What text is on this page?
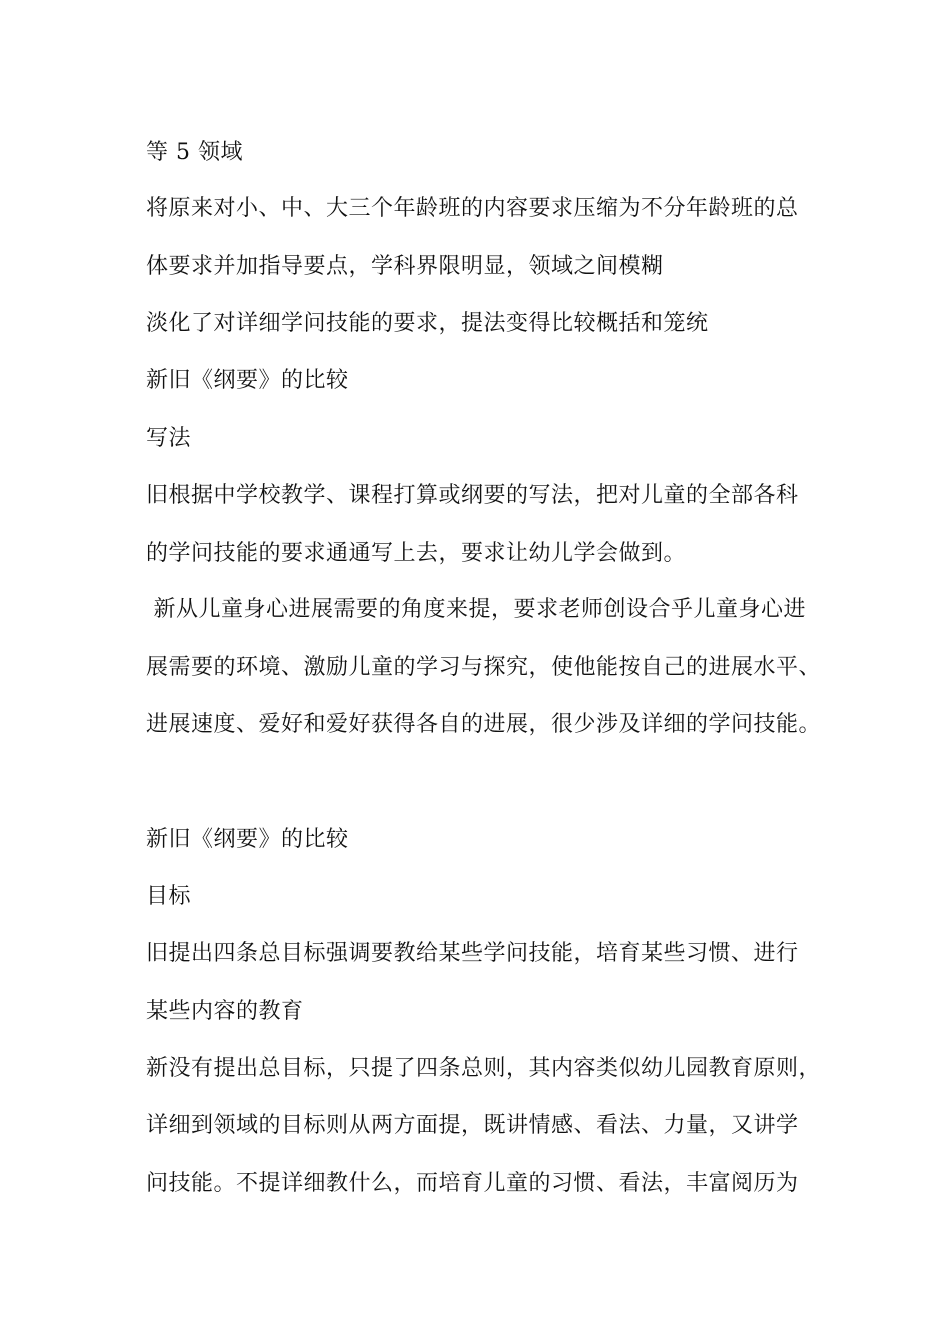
等 5 领域
将原来对小、中、大三个年龄班的内容要求压缩为不分年龄班的总
体要求并加指导要点，学科界限明显，领域之间模糊
淡化了对详细学问技能的要求，提法变得比较概括和笼统
新旧《纲要》的比较
写法
旧根据中学校教学、课程打算或纲要的写法，把对儿童的全部各科
的学问技能的要求通通写上去，要求让幼儿学会做到。
新从儿童身心进展需要的角度来提，要求老师创设合乎儿童身心进
展需要的环境、激励儿童的学习与探究，使他能按自己的进展水平、
进展速度、爱好和爱好获得各自的进展，很少涉及详细的学问技能。
新旧《纲要》的比较
目标
旧提出四条总目标强调要教给某些学问技能，培育某些习惯、进行
某些内容的教育
新没有提出总目标，只提了四条总则，其内容类似幼儿园教育原则，
详细到领域的目标则从两方面提，既讲情感、看法、力量，又讲学
问技能。不提详细教什么，而培育儿童的习惯、看法，丰富阅历为
